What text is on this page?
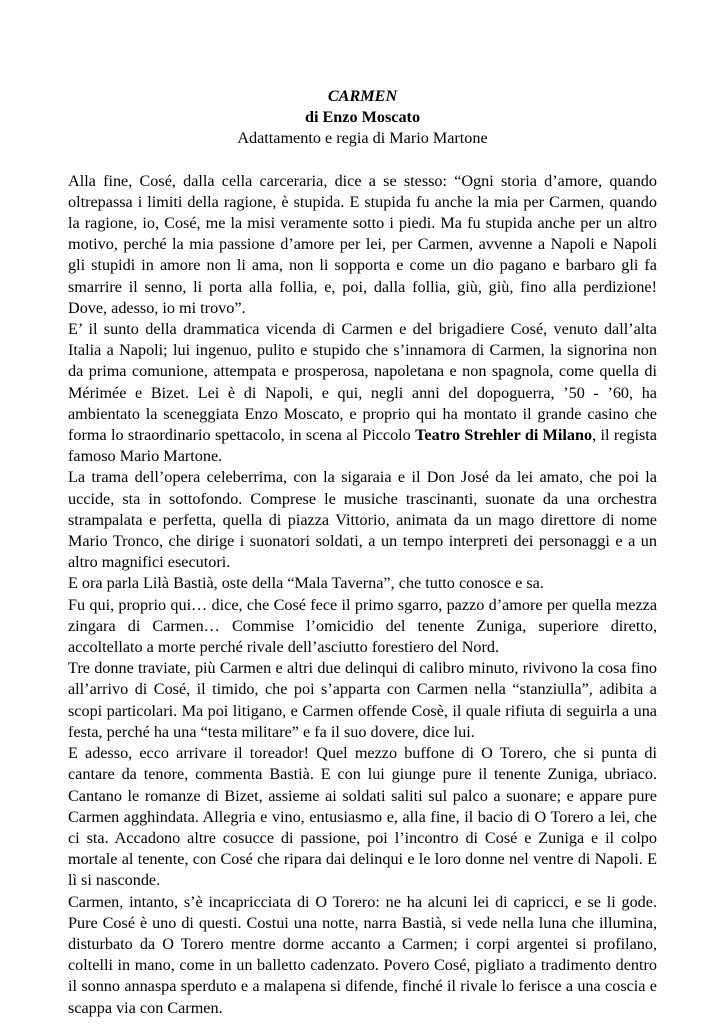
CARMEN

di Enzo Moscato

Adattamento e regia di Mario Martone

Alla fine, Cosé, dalla cella carceraria, dice a se stesso: “Ogni storia d’amore, quando oltrepassa i limiti della ragione, è stupida. E stupida fu anche la mia per Carmen, quando la ragione, io, Cosé, me la misi veramente sotto i piedi. Ma fu stupida anche per un altro motivo, perché la mia passione d’amore per lei, per Carmen, avvenne a Napoli e Napoli gli stupidi in amore non li ama, non li sopporta e come un dio pagano e barbaro gli fa smarrire il senno, li porta alla follia, e, poi, dalla follia, giù, giù, fino alla perdizione! Dove, adesso, io mi trovo”.

E’ il sunto della drammatica vicenda di Carmen e del brigadiere Cosé, venuto dall’alta Italia a Napoli; lui ingenuo, pulito e stupido che s’innamora di Carmen, la signorina non da prima comunione, attempata e prosperosa, napoletana e non spagnola, come quella di Mérimée e Bizet. Lei è di Napoli, e qui, negli anni del dopoguerra, ’50 - ’60, ha ambientato la sceneggiata Enzo Moscato, e proprio qui ha montato il grande casino che forma lo straordinario spettacolo, in scena al Piccolo Teatro Strehler di Milano, il regista famoso Mario Martone.

La trama dell’opera celeberrima, con la sigaraia e il Don José da lei amato, che poi la uccide, sta in sottofondo. Comprese le musiche trascinanti, suonate da una orchestra strampalata e perfetta, quella di piazza Vittorio, animata da un mago direttore di nome Mario Tronco, che dirige i suonatori soldati, a un tempo interpreti dei personaggi e a un altro magnifici esecutori.

E ora parla Lilà Bastià, oste della “Mala Taverna”, che tutto conosce e sa.

Fu qui, proprio qui… dice, che Cosé fece il primo sgarro, pazzo d’amore per quella mezza zingara di Carmen… Commise l’omicidio del tenente Zuniga, superiore diretto, accoltellato a morte perché rivale dell’asciutto forestiero del Nord.

Tre donne traviate, più Carmen e altri due delinqui di calibro minuto, rivivono la cosa fino all’arrivo di Cosé, il timido, che poi s’apparta con Carmen nella “stanziulla”, adibita a scopi particolari. Ma poi litigano, e Carmen offende Cosè, il quale rifiuta di seguirla a una festa, perché ha una “testa militare” e fa il suo dovere, dice lui.

E adesso, ecco arrivare il toreador! Quel mezzo buffone di O Torero, che si punta di cantare da tenore, commenta Bastià. E con lui giunge pure il tenente Zuniga, ubriaco. Cantano le romanze di Bizet, assieme ai soldati saliti sul palco a suonare; e appare pure Carmen agghindata. Allegria e vino, entusiasmo e, alla fine, il bacio di O Torero a lei, che ci sta. Accadono altre cosucce di passione, poi l’incontro di Cosé e Zuniga e il colpo mortale al tenente, con Cosé che ripara dai delinqui e le loro donne nel ventre di Napoli. E lì si nasconde.

Carmen, intanto, s’è incapricciata di O Torero: ne ha alcuni lei di capricci, e se li gode. Pure Cosé è uno di questi. Costui una notte, narra Bastià, si vede nella luna che illumina, disturbato da O Torero mentre dorme accanto a Carmen; i corpi argentei si profilano, coltelli in mano, come in un balletto cadenzato. Povero Cosé, pigliato a tradimento dentro il sonno annaspa sperduto e a malapena si difende, finché il rivale lo ferisce a una coscia e scappa via con Carmen.
